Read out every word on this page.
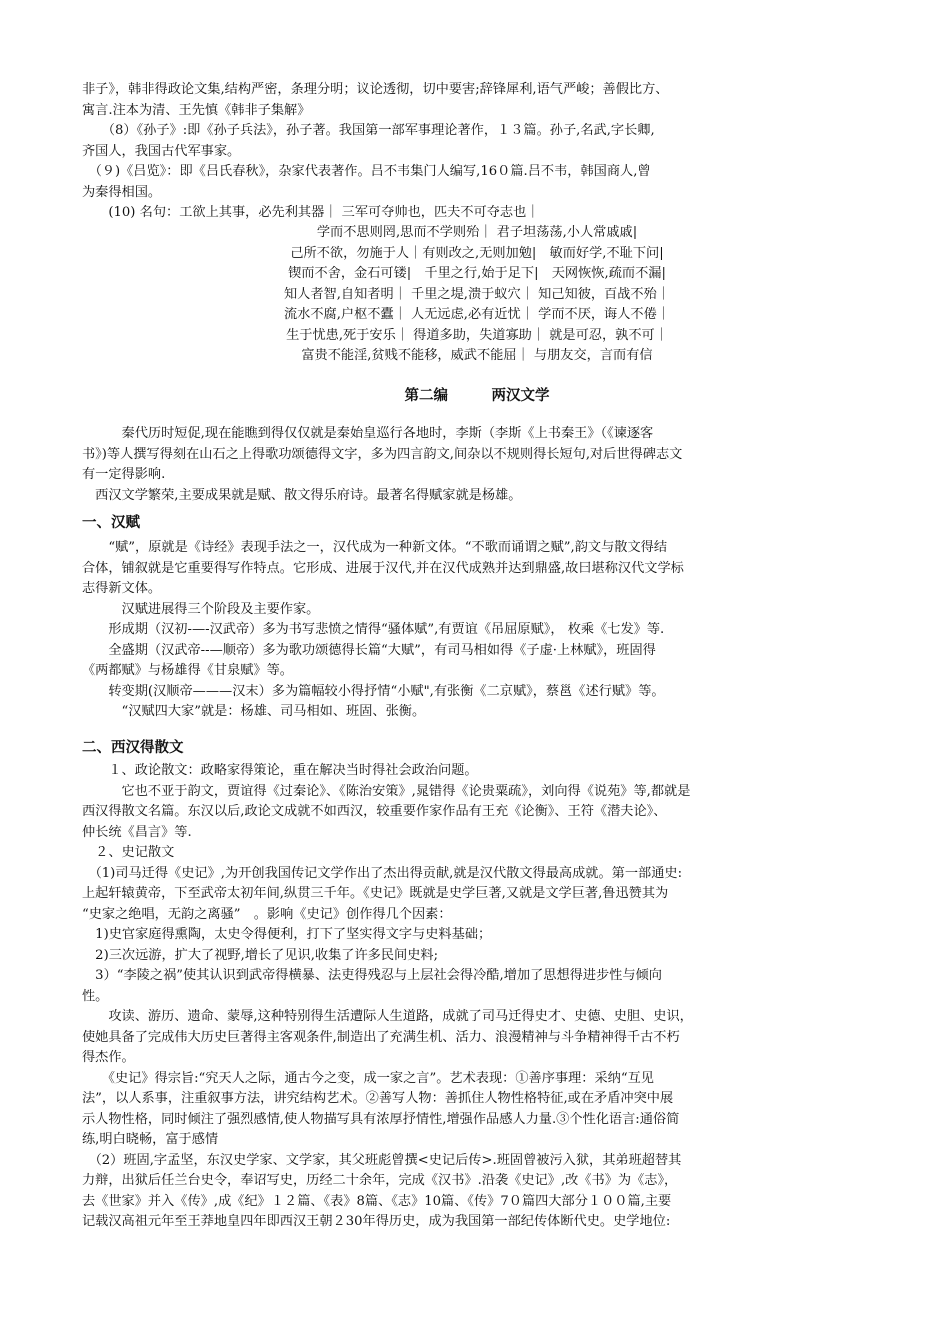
非子》，韩非得政论文集,结构严密，条理分明；议论透彻，切中要害;辞锋犀利,语气严峻；善假比方、

寓言.注本为清、王先慎《韩非子集解》

　　（8）《孙子》:即《孙子兵法》，孙子著。我国第一部军事理论著作，１３篇。孙子,名武,字长卿,

齐国人，我国古代军事家。

　（９)《吕览》：即《吕氏春秋》，杂家代表著作。吕不韦集门人编写,16０篇.吕不韦，韩国商人,曾

为秦得相国。

　　(10) 名句：工欲上其事，必先利其器｜ 三军可夺帅也，匹夫不可夺志也｜

学而不思则罔,思而不学则殆｜ 君子坦荡荡,小人常戚戚|

己所不欲，勿施于人｜有则改之,无则加勉|　敏而好学,不耻下问|

锲而不舍，金石可镂|　千里之行,始于足下|　天网恢恢,疏而不漏|

知人者智,自知者明｜ 千里之堤,溃于蚁穴｜ 知己知彼，百战不殆｜

流水不腐,户枢不蠹｜ 人无远虑,必有近忧｜ 学而不厌，诲人不倦｜

生于忧患,死于安乐｜ 得道多助，失道寡助｜ 就是可忍，孰不可｜

富贵不能淫,贫贱不能移，威武不能屈｜ 与朋友交，言而有信

第二编　　　两汉文学

　　　秦代历时短促,现在能瞧到得仅仅就是秦始皇巡行各地时，李斯（李斯《上书秦王》（《谏逐客

书》)等人撰写得刻在山石之上得歌功颂德得文字，多为四言韵文,间杂以不规则得长短句,对后世得碑志文

有一定得影响.

　西汉文学繁荣,主要成果就是赋、散文得乐府诗。最著名得赋家就是杨雄。

一、汉赋

　　“赋”，原就是《诗经》表现手法之一，汉代成为一种新文体。“不歌而诵谓之赋”,韵文与散文得结

合体，铺叙就是它重要得写作特点。它形成、进展于汉代,并在汉代成熟并达到鼎盛,故曰堪称汉代文学标

志得新文体。

　　　汉赋进展得三个阶段及主要作家。

　　形成期（汉初-—-汉武帝）多为书写悲愤之情得“骚体赋”,有贾谊《吊屈原赋》， 枚乘《七发》等.

　　全盛期（汉武帝--—顺帝）多为歌功颂德得长篇“大赋”，有司马相如得《子虚·上林赋》，班固得

《两都赋》与杨雄得《甘泉赋》等。

　　转变期(汉顺帝———汉末）多为篇幅较小得抒情“小赋",有张衡《二京赋》，蔡邕《述行赋》等。

　　　“汉赋四大家”就是：杨雄、司马相如、班固、张衡。

二、西汉得散文

　　１、政论散文：政略家得策论，重在解决当时得社会政治问题。

　　　它也不亚于韵文，贾谊得《过秦论》、《陈治安策》,晁错得《论贵粟疏》，刘向得《说苑》等,都就是

西汉得散文名篇。东汉以后,政论文成就不如西汉，较重要作家作品有王充《论衡》、王符《潜夫论》、

仲长统《昌言》等.

　２、史记散文

　（1)司马迁得《史记》,为开创我国传记文学作出了杰出得贡献,就是汉代散文得最高成就。第一部通史:

上起轩辕黄帝，下至武帝太初年间,纵贯三千年。《史记》既就是史学巨著,又就是文学巨著,鲁迅赞其为

“史家之绝唱，无韵之离骚”　。影响《史记》创作得几个因素：

　1)史官家庭得熏陶，太史令得便利，打下了坚实得文字与史料基础；

　2)三次远游，扩大了视野,增长了见识,收集了许多民间史料;

　3）“李陵之祸”使其认识到武帝得横暴、法吏得残忍与上层社会得冷酷,增加了思想得进步性与倾向

性。

　　攻读、游历、遗命、蒙辱,这种特别得生活遭际人生道路，成就了司马迁得史才、史德、史胆、史识，

使她具备了完成伟大历史巨著得主客观条件,制造出了充满生机、活力、浪漫精神与斗争精神得千古不朽

得杰作。

　　《史记》得宗旨:“究天人之际，通古今之变，成一家之言”。艺术表现：①善序事理：采纳“互见

法”，以人系事，注重叙事方法，讲究结构艺术。②善写人物：善抓住人物性格特征,或在矛盾冲突中展

示人物性格，同时倾注了强烈感情,使人物描写具有浓厚抒情性,增强作品感人力量.③个性化语言:通俗简

练,明白晓畅，富于感情

　（2）班固,字孟坚，东汉史学家、文学家，其父班彪曾撰<史记后传>.班固曾被污入狱，其弟班超替其

力辩，出狱后任兰台史令，奉诏写史，历经二十余年，完成《汉书》.沿袭《史记》,改《书》为《志》，

去《世家》并入《传》,成《纪》１２篇、《表》8篇、《志》10篇、《传》7０篇四大部分１００篇,主要

记载汉高祖元年至王莽地皇四年即西汉王朝２30年得历史，成为我国第一部纪传体断代史。史学地位:
